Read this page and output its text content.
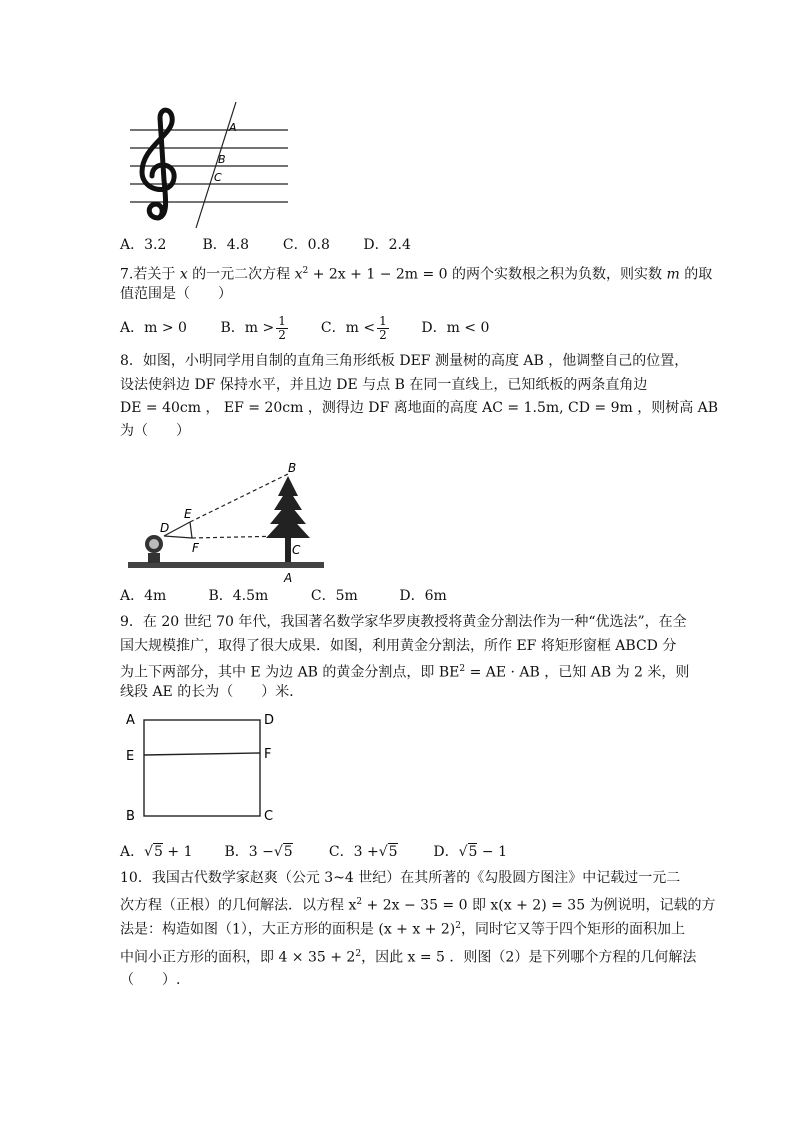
A
B
C
A．3.2	B．4.8 C．0.8 D．2.4
7.若关于 x 的一元二次方程 $x^2 + 2x + 1 - 2m = 0$ 的两个实数根之积为负数，则实数 m 的取
值范围是（　　）
A．m > 0 B．$m > \frac{1}{2}$ C．$m < \frac{1}{2}$ D．m < 0
8．如图，小明同学用自制的直角三角形纸板 DEF 测量树的高度 AB ，他调整自己的位置，
设法使斜边 DF 保持水平，并且边 DE 与点 B 在同一直线上，已知纸板的两条直角边
DE = 40cm ， EF = 20cm ，测得边 DF 离地面的高度 AC = 1.5m, CD = 9m ，则树高 AB
为（　　）
B
E
D
F	C
A
A．4m	B．4.5m	C．5m	D．6m
9．在 20 世纪 70 年代，我国著名数学家华罗庚教授将黄金分割法作为一种“优选法”，在全
国大规模推广，取得了很大成果．如图，利用黄金分割法，所作 EF 将矩形窗框 ABCD 分
为上下两部分，其中 E 为边 AB 的黄金分割点，即 $BE^2$ = AE · AB ，已知 AB 为 2 米，则
线段 AE 的长为（　　）米．
A	D
E	F
B	C
A．√5 + 1 B．3 −√5	C．3 +√5	D．√5 − 1
10．我国古代数学家赵爽（公元 3~4 世纪）在其所著的《勾股圆方图注》中记载过一元二
次方程（正根）的几何解法．以方程 $x^2 + 2x - 35 = 0$ 即 x(x + 2) = 35 为例说明，记载的方
法是：构造如图（1），大正方形的面积是 $(x + x + 2)^2$，同时它又等于四个矩形的面积加上
中间小正方形的面积，即 $4 \times 35 + 2^2$，因此 x = 5 ．则图（2）是下列哪个方程的几何解法
（　　）.
